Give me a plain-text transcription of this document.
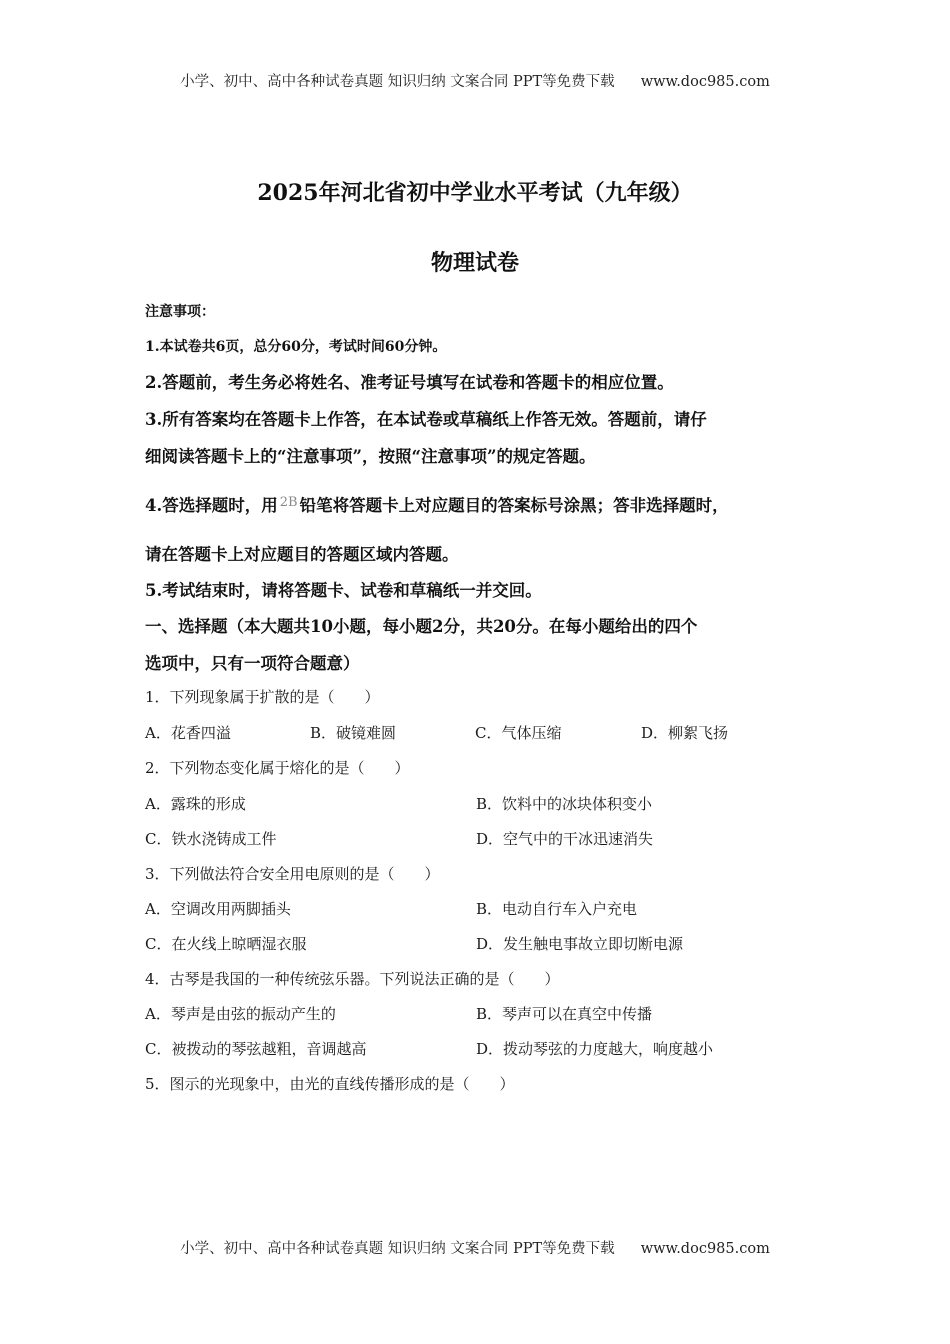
小学、初中、高中各种试卷真题 知识归纳 文案合同 PPT等免费下载 www.doc985.com
2025年河北省初中学业水平考试（九年级）
物理试卷
注意事项：
1.本试卷共6页，总分60分，考试时间60分钟。
2.答题前，考生务必将姓名、准考证号填写在试卷和答题卡的相应位置。
3.所有答案均在答题卡上作答，在本试卷或草稿纸上作答无效。答题前，请仔
细阅读答题卡上的“注意事项”，按照“注意事项”的规定答题。
4.答选择题时，用 $^{2B}$ 铅笔将答题卡上对应题目的答案标号涂黑；答非选择题时，
请在答题卡上对应题目的答题区域内答题。
5.考试结束时，请将答题卡、试卷和草稿纸一并交回。
一、选择题（本大题共10小题，每小题2分，共20分。在每小题给出的四个
选项中，只有一项符合题意）
1．下列现象属于扩散的是（　　）
A．花香四溢	B．破镜难圆	C．气体压缩	D．柳絮飞扬
2．下列物态变化属于熔化的是（　　）
A．露珠的形成	B．饮料中的冰块体积变小
C．铁水浇铸成工件	D．空气中的干冰迅速消失
3．下列做法符合安全用电原则的是（　　）
A．空调改用两脚插头	B．电动自行车入户充电
C．在火线上晾晒湿衣服	D．发生触电事故立即切断电源
4．古琴是我国的一种传统弦乐器。下列说法正确的是（　　）
A．琴声是由弦的振动产生的	B．琴声可以在真空中传播
C．被拨动的琴弦越粗，音调越高	D．拨动琴弦的力度越大，响度越小
5．图示的光现象中，由光的直线传播形成的是（　　）
小学、初中、高中各种试卷真题 知识归纳 文案合同 PPT等免费下载 www.doc985.com
